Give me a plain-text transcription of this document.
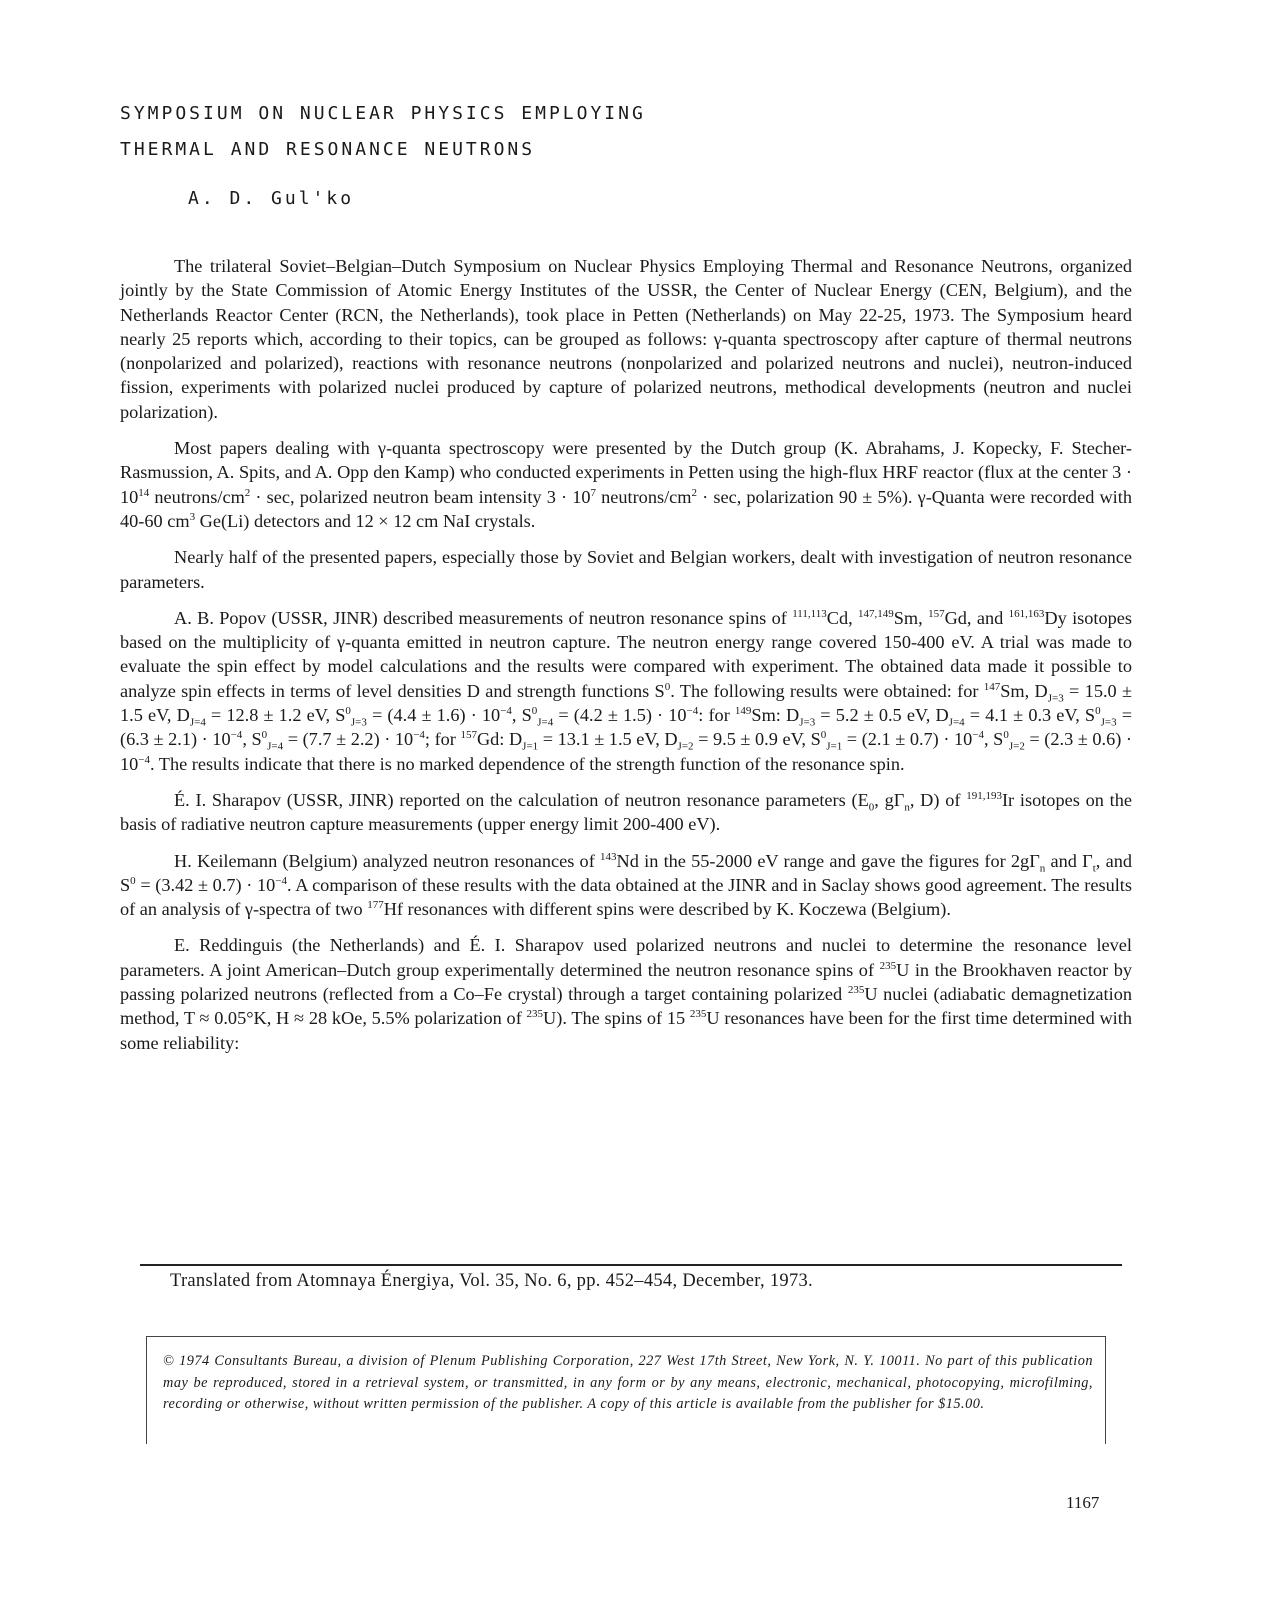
SYMPOSIUM ON NUCLEAR PHYSICS EMPLOYING
THERMAL AND RESONANCE NEUTRONS

A. D. Gul'ko

The trilateral Soviet–Belgian–Dutch Symposium on Nuclear Physics Employing Thermal and Resonance Neutrons, organized jointly by the State Commission of Atomic Energy Institutes of the USSR, the Center of Nuclear Energy (CEN, Belgium), and the Netherlands Reactor Center (RCN, the Netherlands), took place in Petten (Netherlands) on May 22-25, 1973. The Symposium heard nearly 25 reports which, according to their topics, can be grouped as follows: γ-quanta spectroscopy after capture of thermal neutrons (nonpolarized and polarized), reactions with resonance neutrons (nonpolarized and polarized neutrons and nuclei), neutron-induced fission, experiments with polarized nuclei produced by capture of polarized neutrons, methodical developments (neutron and nuclei polarization).

Most papers dealing with γ-quanta spectroscopy were presented by the Dutch group (K. Abrahams, J. Kopecky, F. Stecher-Rasmussion, A. Spits, and A. Opp den Kamp) who conducted experiments in Petten using the high-flux HRF reactor (flux at the center $3 \cdot 10^{14}$ neutrons/$cm^2 \cdot \sec$, polarized neutron beam intensity $3 \cdot 10^7$ neutrons/$cm^2 \cdot \sec$, polarization 90 ± 5%). γ-Quanta were recorded with 40-60 $cm^3$ Ge(Li) detectors and 12 × 12 cm NaI crystals.

Nearly half of the presented papers, especially those by Soviet and Belgian workers, dealt with investigation of neutron resonance parameters.

A. B. Popov (USSR, JINR) described measurements of neutron resonance spins of $^{111,113}$Cd, $^{147,149}$Sm, $^{157}$Gd, and $^{161,163}$Dy isotopes based on the multiplicity of γ-quanta emitted in neutron capture. The neutron energy range covered 150-400 eV. A trial was made to evaluate the spin effect by model calculations and the results were compared with experiment. The obtained data made it possible to analyze spin effects in terms of level densities D and strength functions $S^0$. The following results were obtained: for $^{147}$Sm, $D_{J=3} = 15.0 \pm 1.5$ eV, $D_{J=4} = 12.8 \pm 1.2$ eV, $S^0_{J=3} = (4.4 \pm 1.6) \cdot 10^{-4}$, $S^0_{J=4} = (4.2 \pm 1.5) \cdot 10^{-4}$: for $^{149}$Sm: $D_{J=3} = 5.2 \pm 0.5$ eV, $D_{J=4} = 4.1 \pm 0.3$ eV, $S^0_{J=3} = (6.3 \pm 2.1) \cdot 10^{-4}$, $S^0_{J=4} = (7.7 \pm 2.2) \cdot 10^{-4}$; for $^{157}$Gd: $D_{J=1} = 13.1 \pm 1.5$ eV, $D_{J=2} = 9.5 \pm 0.9$ eV, $S^0_{J=1} = (2.1 \pm 0.7) \cdot 10^{-4}$, $S^0_{J=2} = (2.3 \pm 0.6) \cdot 10^{-4}$. The results indicate that there is no marked dependence of the strength function of the resonance spin.

É. I. Sharapov (USSR, JINR) reported on the calculation of neutron resonance parameters ($E_0$, $g\Gamma_n$, D) of $^{191,193}$Ir isotopes on the basis of radiative neutron capture measurements (upper energy limit 200-400 eV).

H. Keilemann (Belgium) analyzed neutron resonances of $^{143}$Nd in the 55-2000 eV range and gave the figures for $2g\Gamma_n$ and $\Gamma_t$, and $S^0 = (3.42 \pm 0.7) \cdot 10^{-4}$. A comparison of these results with the data obtained at the JINR and in Saclay shows good agreement. The results of an analysis of γ-spectra of two $^{177}$Hf resonances with different spins were described by K. Koczewa (Belgium).

E. Reddinguis (the Netherlands) and É. I. Sharapov used polarized neutrons and nuclei to determine the resonance level parameters. A joint American–Dutch group experimentally determined the neutron resonance spins of $^{235}$U in the Brookhaven reactor by passing polarized neutrons (reflected from a Co–Fe crystal) through a target containing polarized $^{235}$U nuclei (adiabatic demagnetization method, T ≈ 0.05°K, H ≈ 28 kOe, 5.5% polarization of $^{235}$U). The spins of 15 $^{235}$U resonances have been for the first time determined with some reliability:

Translated from Atomnaya Énergiya, Vol. 35, No. 6, pp. 452–454, December, 1973.

© 1974 Consultants Bureau, a division of Plenum Publishing Corporation, 227 West 17th Street, New York, N. Y. 10011. No part of this publication may be reproduced, stored in a retrieval system, or transmitted, in any form or by any means, electronic, mechanical, photocopying, microfilming, recording or otherwise, without written permission of the publisher. A copy of this article is available from the publisher for $15.00.

1167
